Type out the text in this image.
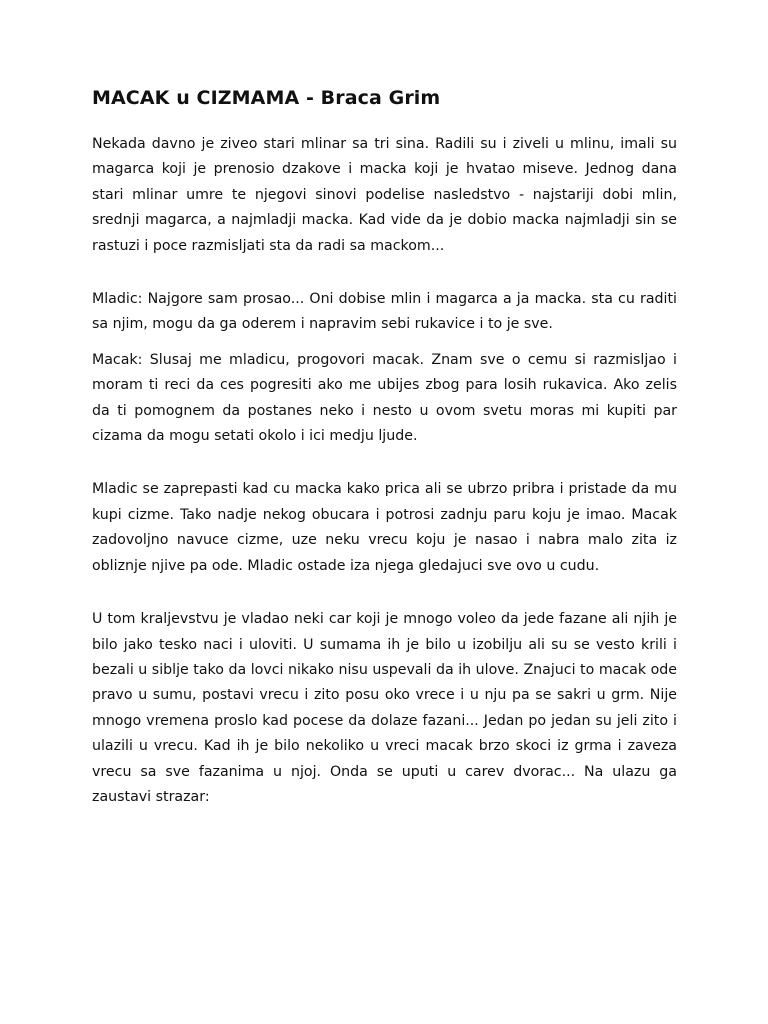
MACAK u CIZMAMA - Braca Grim

Nekada davno je ziveo stari mlinar sa tri sina. Radili su i ziveli u mlinu, imali su magarca koji je prenosio dzakove i macka koji je hvatao miseve. Jednog dana stari mlinar umre te njegovi sinovi podelise nasledstvo - najstariji dobi mlin, srednji magarca, a najmladji macka. Kad vide da je dobio macka najmladji sin se rastuzi i poce razmisljati sta da radi sa mackom...

Mladic: Najgore sam prosao... Oni dobise mlin i magarca a ja macka. sta cu raditi sa njim, mogu da ga oderem i napravim sebi rukavice i to je sve.

Macak: Slusaj me mladicu, progovori macak. Znam sve o cemu si razmisljao i moram ti reci da ces pogresiti ako me ubijes zbog para losih rukavica. Ako zelis da ti pomognem da postanes neko i nesto u ovom svetu moras mi kupiti par cizama da mogu setati okolo i ici medju ljude.

Mladic se zaprepasti kad cu macka kako prica ali se ubrzo pribra i pristade da mu kupi cizme. Tako nadje nekog obucara i potrosi zadnju paru koju je imao. Macak zadovoljno navuce cizme, uze neku vrecu koju je nasao i nabra malo zita iz obliznje njive pa ode. Mladic ostade iza njega gledajuci sve ovo u cudu.

U tom kraljevstvu je vladao neki car koji je mnogo voleo da jede fazane ali njih je bilo jako tesko naci i uloviti. U sumama ih je bilo u izobilju ali su se vesto krili i bezali u siblje tako da lovci nikako nisu uspevali da ih ulove. Znajuci to macak ode pravo u sumu, postavi vrecu i zito posu oko vrece i u nju pa se sakri u grm. Nije mnogo vremena proslo kad pocese da dolaze fazani... Jedan po jedan su jeli zito i ulazili u vrecu. Kad ih je bilo nekoliko u vreci macak brzo skoci iz grma i zaveza vrecu sa sve fazanima u njoj. Onda se uputi u carev dvorac... Na ulazu ga zaustavi strazar:
